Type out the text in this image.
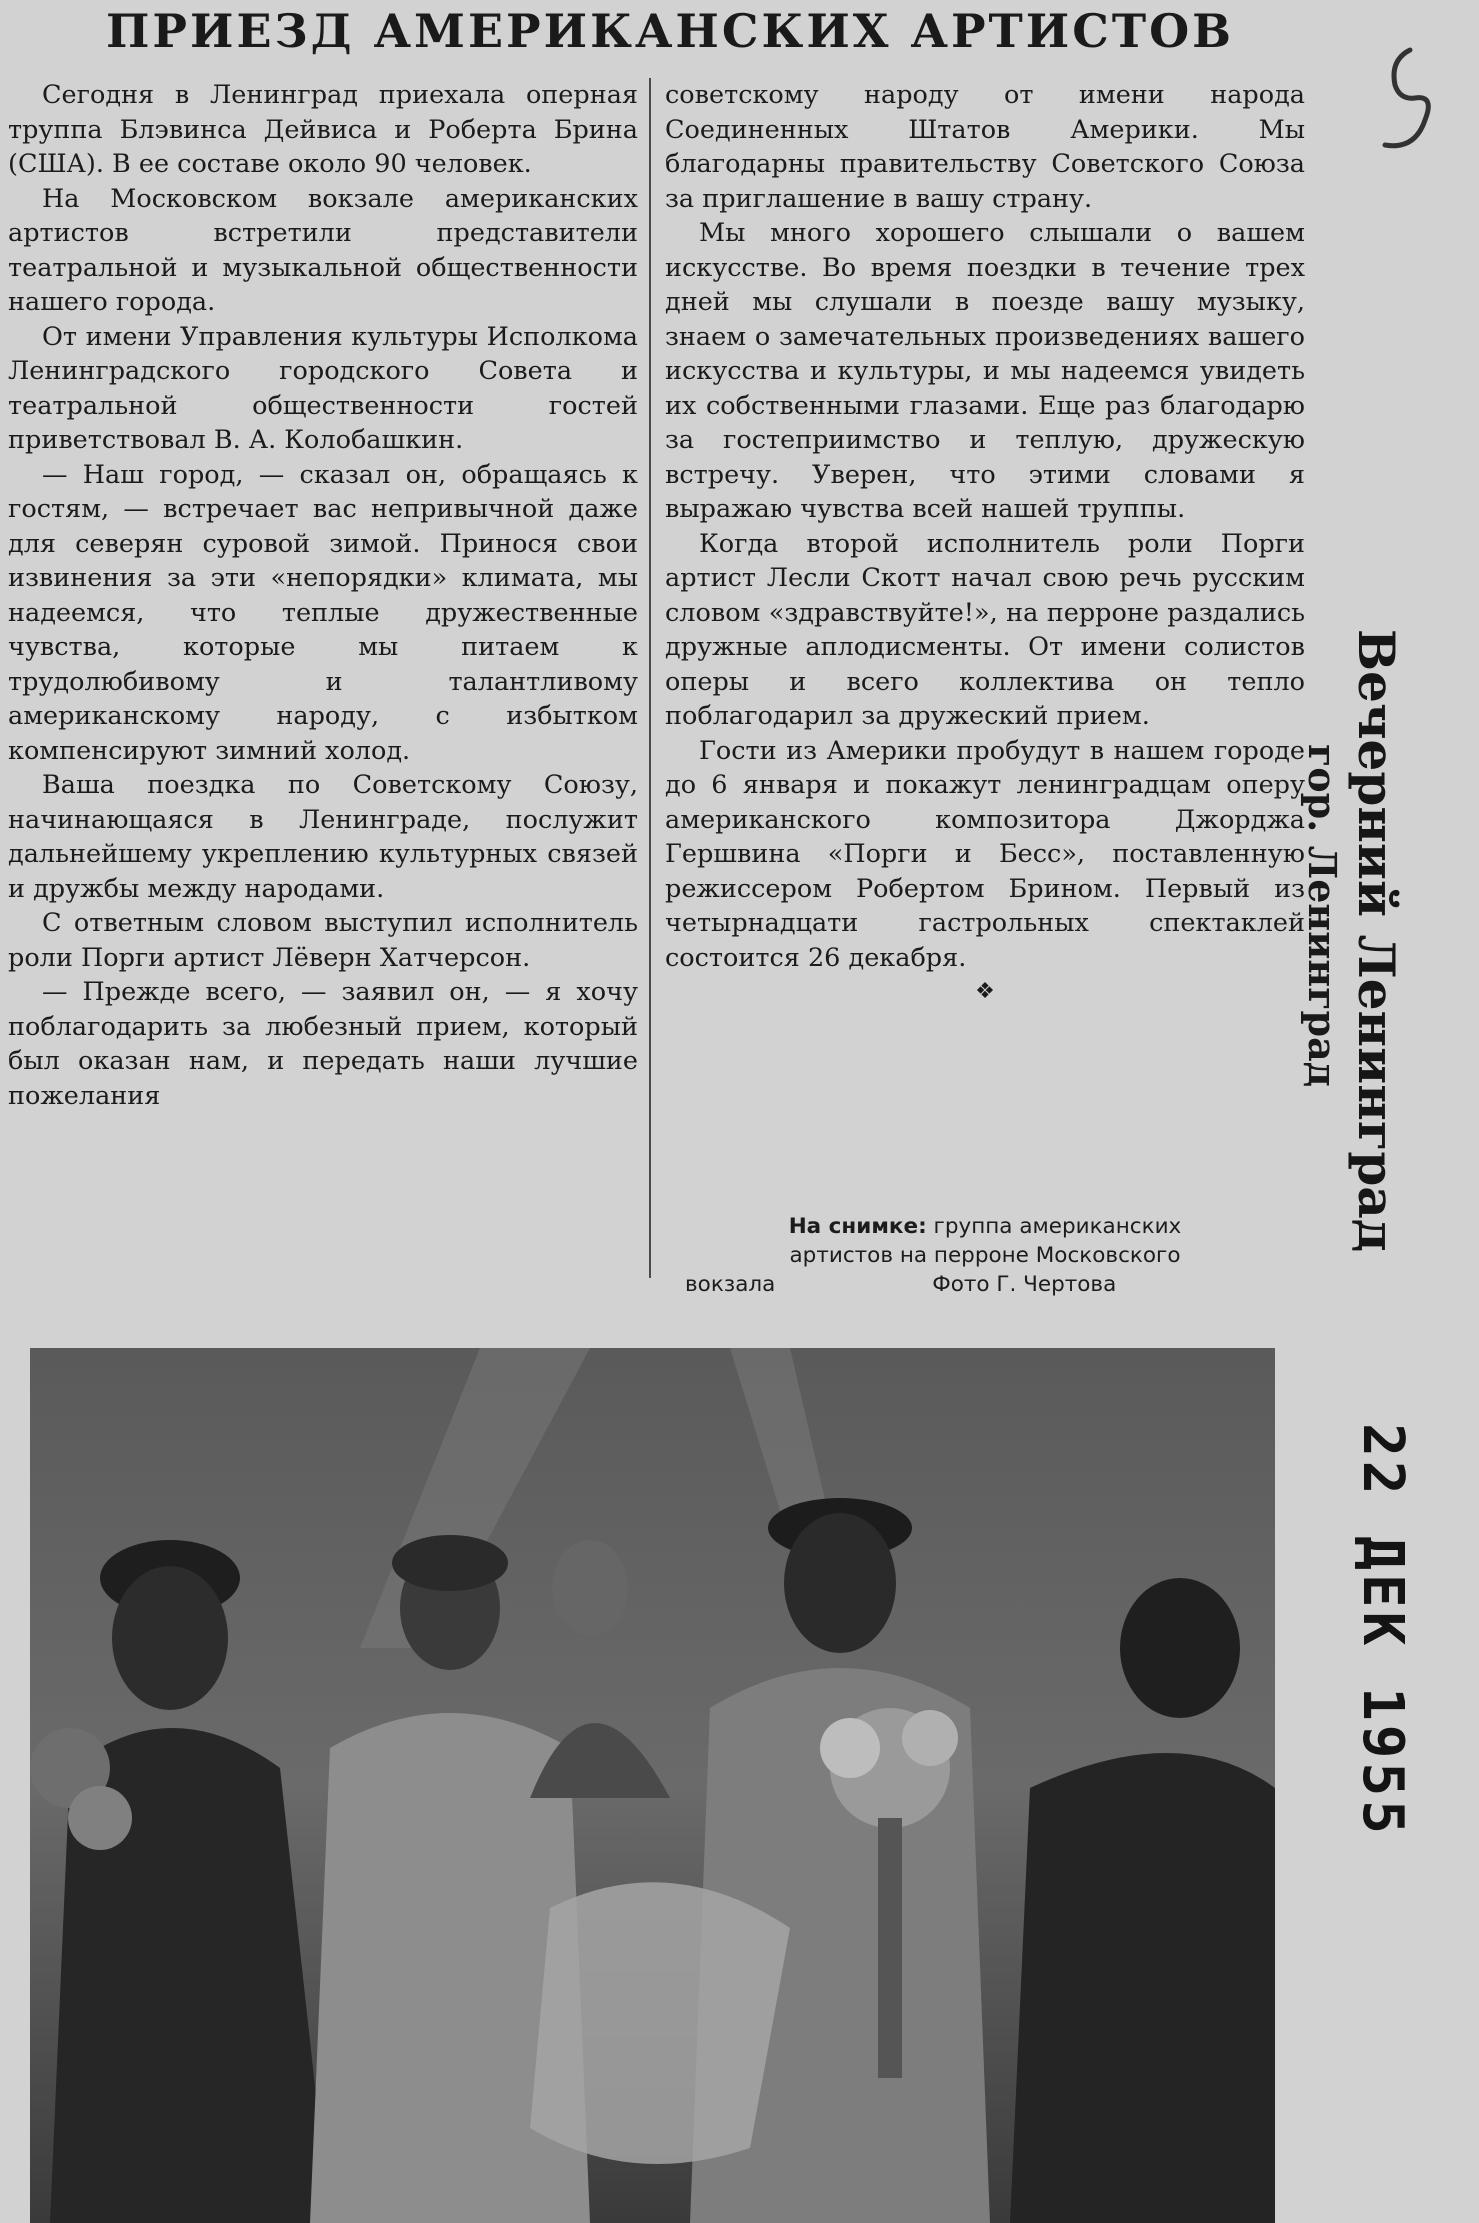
ПРИЕЗД АМЕРИКАНСКИХ АРТИСТОВ

Сегодня в Ленинград приехала оперная труппа Блэвинса Дейвиса и Роберта Брина (США). В ее составе около 90 человек.

На Московском вокзале американских артистов встретили представители театральной и музыкальной общественности нашего города.

От имени Управления культуры Исполкома Ленинградского городского Совета и театральной общественности гостей приветствовал В. А. Колобашкин.

— Наш город, — сказал он, обращаясь к гостям, — встречает вас непривычной даже для северян суровой зимой. Принося свои извинения за эти «непорядки» климата, мы надеемся, что теплые дружественные чувства, которые мы питаем к трудолюбивому и талантливому американскому народу, с избытком компенсируют зимний холод.

Ваша поездка по Советскому Союзу, начинающаяся в Ленинграде, послужит дальнейшему укреплению культурных связей и дружбы между народами.

С ответным словом выступил исполнитель роли Порги артист Лёверн Хатчерсон.

— Прежде всего, — заявил он, — я хочу поблагодарить за любезный прием, который был оказан нам, и передать наши лучшие пожелания

советскому народу от имени народа Соединенных Штатов Америки. Мы благодарны правительству Советского Союза за приглашение в вашу страну.

Мы много хорошего слышали о вашем искусстве. Во время поездки в течение трех дней мы слушали в поезде вашу музыку, знаем о замечательных произведениях вашего искусства и культуры, и мы надеемся увидеть их собственными глазами. Еще раз благодарю за гостеприимство и теплую, дружескую встречу. Уверен, что этими словами я выражаю чувства всей нашей труппы.

Когда второй исполнитель роли Порги артист Лесли Скотт начал свою речь русским словом «здравствуйте!», на перроне раздались дружные аплодисменты. От имени солистов оперы и всего коллектива он тепло поблагодарил за дружеский прием.

Гости из Америки пробудут в нашем городе до 6 января и покажут ленинградцам оперу американского композитора Джорджа Гершвина «Порги и Бесс», поставленную режиссером Робертом Брином. Первый из четырнадцати гастрольных спектаклей состоится 26 декабря.

❖
На снимке: группа американских
артистов на перроне Московского
вокзала	Фото Г. Чертова
гор. Ленинград Вечерний Ленинград
22 ДЕК 1955
